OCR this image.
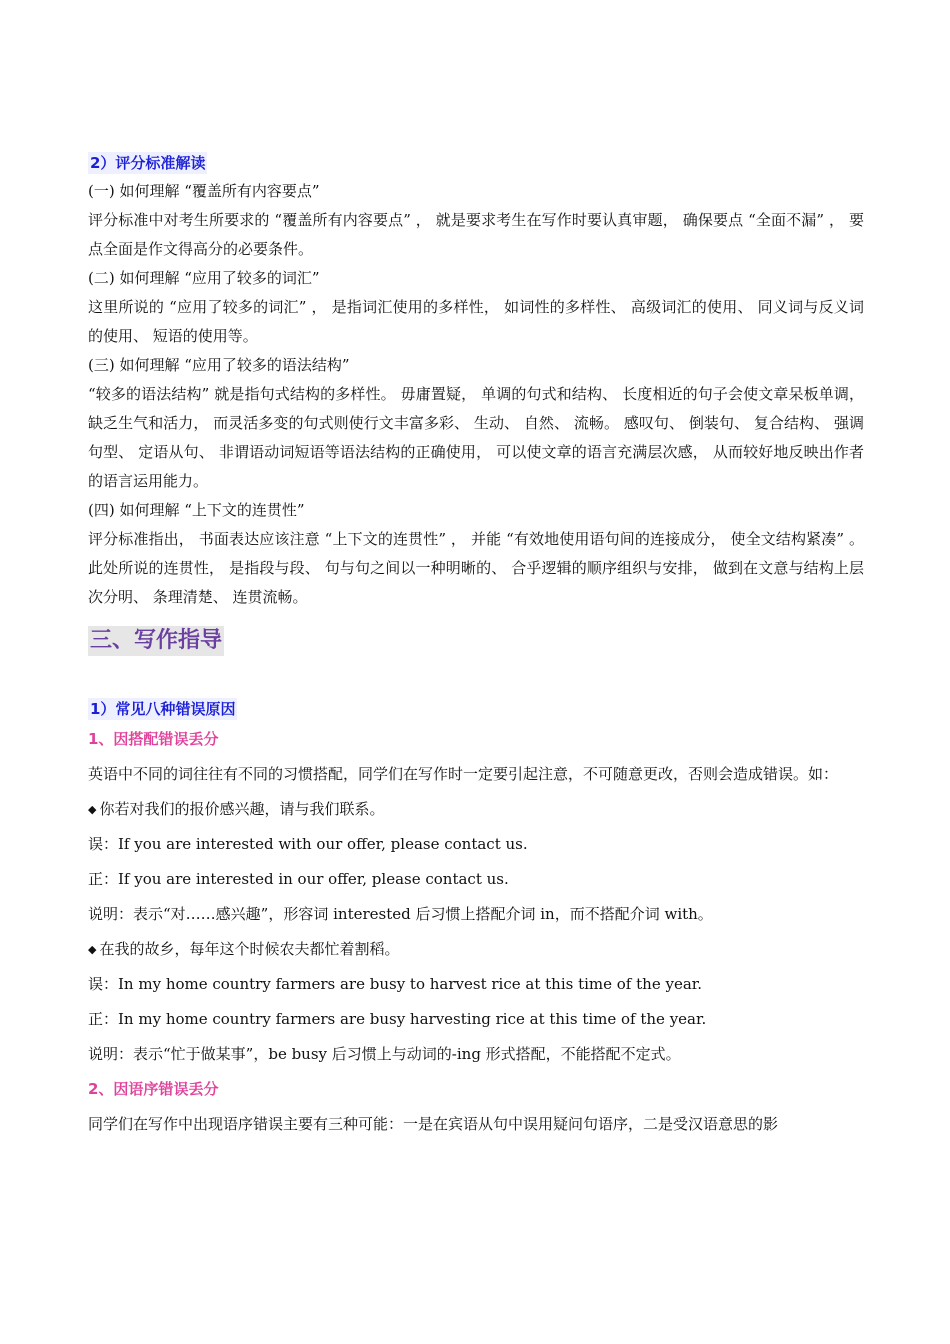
2）评分标准解读

(一) 如何理解 “覆盖所有内容要点”

评分标准中对考生所要求的 “覆盖所有内容要点” ， 就是要求考生在写作时要认真审题， 确保要点 “全面不漏” ， 要点全面是作文得高分的必要条件。

(二) 如何理解 “应用了较多的词汇”

这里所说的 “应用了较多的词汇” ， 是指词汇使用的多样性， 如词性的多样性、 高级词汇的使用、 同义词与反义词的使用、 短语的使用等。

(三) 如何理解 “应用了较多的语法结构”

“较多的语法结构” 就是指句式结构的多样性。 毋庸置疑， 单调的句式和结构、 长度相近的句子会使文章呆板单调， 缺乏生气和活力， 而灵活多变的句式则使行文丰富多彩、 生动、 自然、 流畅。 感叹句、 倒装句、 复合结构、 强调句型、 定语从句、 非谓语动词短语等语法结构的正确使用， 可以使文章的语言充满层次感， 从而较好地反映出作者的语言运用能力。

(四) 如何理解 “上下文的连贯性”

评分标准指出， 书面表达应该注意 “上下文的连贯性” ， 并能 “有效地使用语句间的连接成分， 使全文结构紧凑” 。 此处所说的连贯性， 是指段与段、 句与句之间以一种明晰的、 合乎逻辑的顺序组织与安排， 做到在文意与结构上层次分明、 条理清楚、 连贯流畅。

三、写作指导
1）常见八种错误原因

1、因搭配错误丢分

英语中不同的词往往有不同的习惯搭配，同学们在写作时一定要引起注意，不可随意更改，否则会造成错误。如：

◆ 你若对我们的报价感兴趣，请与我们联系。

误：If you are interested with our offer, please contact us.

正：If you are interested in our offer, please contact us.

说明：表示“对……感兴趣”，形容词 interested 后习惯上搭配介词 in，而不搭配介词 with。

◆ 在我的故乡，每年这个时候农夫都忙着割稻。

误：In my home country farmers are busy to harvest rice at this time of the year.

正：In my home country farmers are busy harvesting rice at this time of the year.

说明：表示“忙于做某事”，be busy 后习惯上与动词的-ing 形式搭配，不能搭配不定式。

2、因语序错误丢分

同学们在写作中出现语序错误主要有三种可能：一是在宾语从句中误用疑问句语序，二是受汉语意思的影
